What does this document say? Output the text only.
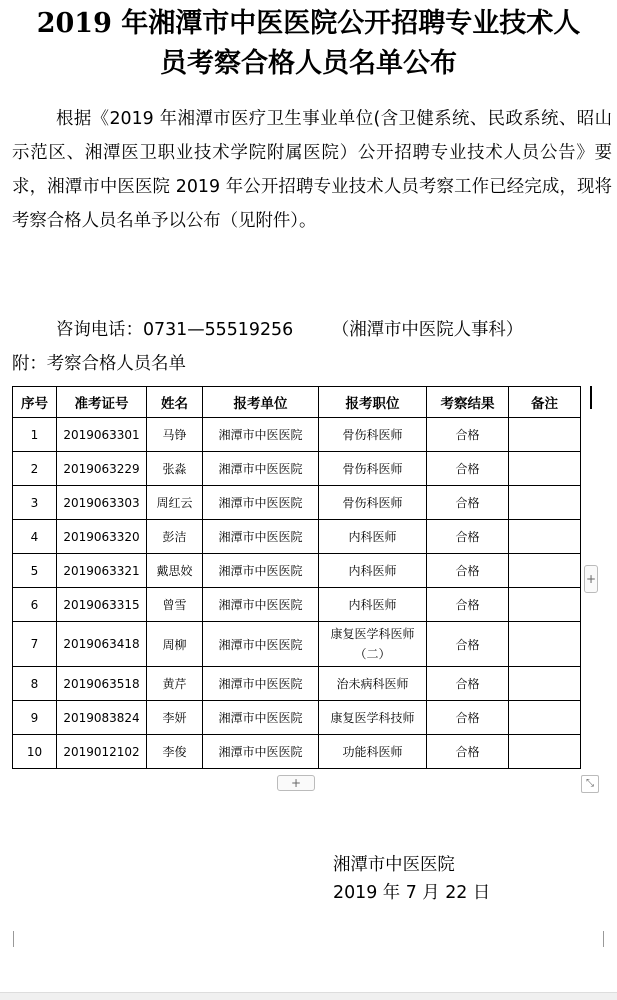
2019 年湘潭市中医医院公开招聘专业技术人
员考察合格人员名单公布

根据《2019 年湘潭市医疗卫生事业单位(含卫健系统、民政系统、昭山示范区、湘潭医卫职业技术学院附属医院）公开招聘专业技术人员公告》要求，湘潭市中医医院 2019 年公开招聘专业技术人员考察工作已经完成，现将考察合格人员名单予以公布（见附件）。

咨询电话：0731—55519256 （湘潭市中医院人事科）
附：考察合格人员名单
序号	准考证号	姓名	报考单位	报考职位	考察结果	备注
1	2019063301	马铮	湘潭市中医医院	骨伤科医师	合格	
2	2019063229	张淼	湘潭市中医医院	骨伤科医师	合格	
3	2019063303	周红云	湘潭市中医医院	骨伤科医师	合格	
4	2019063320	彭洁	湘潭市中医医院	内科医师	合格	
5	2019063321	戴思姣	湘潭市中医医院	内科医师	合格	
6	2019063315	曾雪	湘潭市中医医院	内科医师	合格	
7	2019063418	周柳	湘潭市中医医院	康复医学科医师（二）	合格	
8	2019063518	黄芹	湘潭市中医医院	治未病科医师	合格	
9	2019083824	李妍	湘潭市中医医院	康复医学科技师	合格	
10	2019012102	李俊	湘潭市中医医院	功能科医师	合格	
+
+	⤡
湘潭市中医医院
2019 年 7 月 22 日
